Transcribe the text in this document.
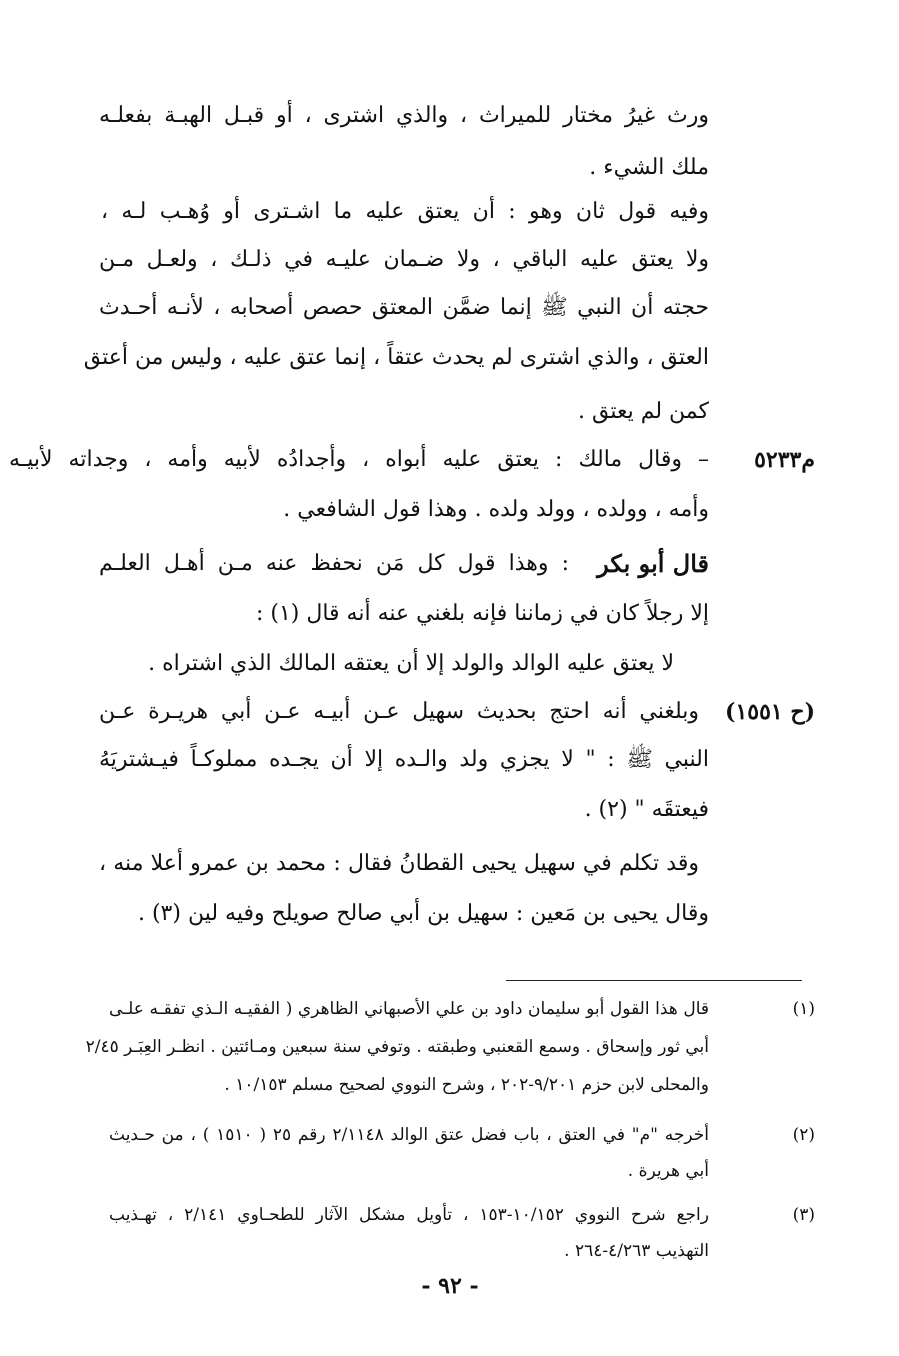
ورث غيرُ مختار للميراث ، والذي اشترى ، أو قبـل الهبـة بفعلـه
ملك الشيء .
وفيه قول ثان وهو : أن يعتق عليه ما اشـترى أو وُهـب لـه ،
ولا يعتق عليه الباقي ، ولا ضـمان عليـه في ذلـك ، ولعـل مـن
حجته أن النبي ﷺ إنما ضمَّن المعتق حصص أصحابه ، لأنـه أحـدث
العتق ، والذي اشترى لم يحدث عتقاً ، إنما عتق عليه ، وليس من أعتق
كمن لم يعتق .
م٥٢٣٣
– وقال مالك : يعتق عليه أبواه ، وأجدادُه لأبيه وأمه ، وجداته لأبيـه
وأمه ، وولده ، وولد ولده . وهذا قول الشافعي .
قال أبو بكر
: وهذا قول كل مَن نحفظ عنه مـن أهـل العلـم
إلا رجلاً كان في زماننا فإنه بلغني عنه أنه قال (١) :
لا يعتق عليه الوالد والولد إلا أن يعتقه المالك الذي اشتراه .
(ح ١٥٥١)
وبلغني أنه احتج بحديث سهيل عـن أبيـه عـن أبي هريـرة عـن
النبي ﷺ : " لا يجزي ولد والـده إلا أن يجـده مملوكـاً فيـشتريَهُ
فيعتقَه " (٢) .
وقد تكلم في سهيل يحيى القطانُ فقال : محمد بن عمرو أعلا منه ،
وقال يحيى بن مَعين : سهيل بن أبي صالح صويلح وفيه لين (٣) .
(١)
قال هذا القول أبو سليمان داود بن علي الأصبهاني الظاهري ( الفقيـه الـذي تفقـه علـى
أبي ثور وإسحاق . وسمع القعنبي وطبقته . وتوفي سنة سبعين ومـائتين . انظـر العِبَـر ٢/٤٥
والمحلى لابن حزم ٩/٢٠١-٢٠٢ ، وشرح النووي لصحيح مسلم ١٠/١٥٣ .
(٢)
أخرجه "م" في العتق ، باب فضل عتق الوالد ٢/١١٤٨ رقم ٢٥ ( ١٥١٠ ) ، من حـديث
أبي هريرة .
(٣)
راجع شرح النووي ١٠/١٥٢-١٥٣ ، تأويل مشكل الآثار للطحـاوي ٢/١٤١ ، تهـذيب
التهذيب ٤/٢٦٣-٢٦٤ .
- ٩٢ -
